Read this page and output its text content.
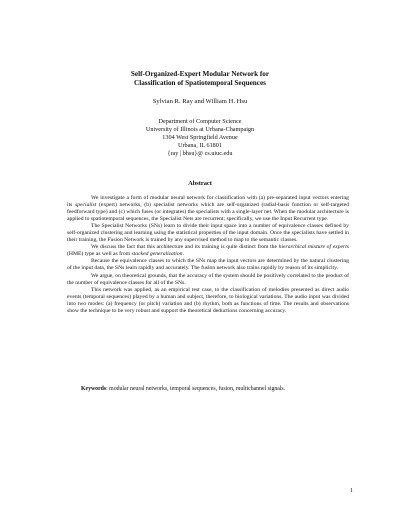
Self-Organized-Expert Modular Network for
Classification of Spatiotemporal Sequences
Sylvian R. Ray and William H. Hsu
Department of Computer Science
University of Illinois at Urbana-Champaign
1304 West Springfield Avenue
Urbana, IL 61801
{ray | bhsu}@ cs.uiuc.edu
Abstract

We investigate a form of modular neural network for classification with (a) pre-separated input vectors entering its specialist (expert) networks, (b) specialist networks which are self-organized (radial-basis function or self-targeted feedforward type) and (c) which fuses (or integrates) the specialists with a single-layer net. When the modular architecture is applied to spatiotemporal sequences, the Specialist Nets are recurrent; specifically, we use the Input Recurrent type.

The Specialist Networks (SNs) learn to divide their input space into a number of equivalence classes defined by self-organized clustering and learning using the statistical properties of the input domain. Once the specialists have settled in their training, the Fusion Network is trained by any supervised method to map to the semantic classes.

We discuss the fact that this architecture and its training is quite distinct from the hierarchical mixture of experts (HME) type as well as from stacked generalization.

Because the equivalence classes to which the SNs map the input vectors are determined by the natural clustering of the input data, the SNs learn rapidly and accurately. The fusion network also trains rapidly by reason of its simplicity.

We argue, on theoretical grounds, that the accuracy of the system should be positively correlated to the product of the number of equivalence classes for all of the SNs.

This network was applied, as an empirical test case, to the classification of melodies presented as direct audio events (temporal sequences) played by a human and subject, therefore, to biological variations. The audio input was divided into two modes: (a) frequency (or pitch) variation and (b) rhythm, both as functions of time. The results and observations show the technique to be very robust and support the theoretical deductions concerning accuracy.

Keywords: modular neural networks, temporal sequences, fusion, multichannel signals.
1
